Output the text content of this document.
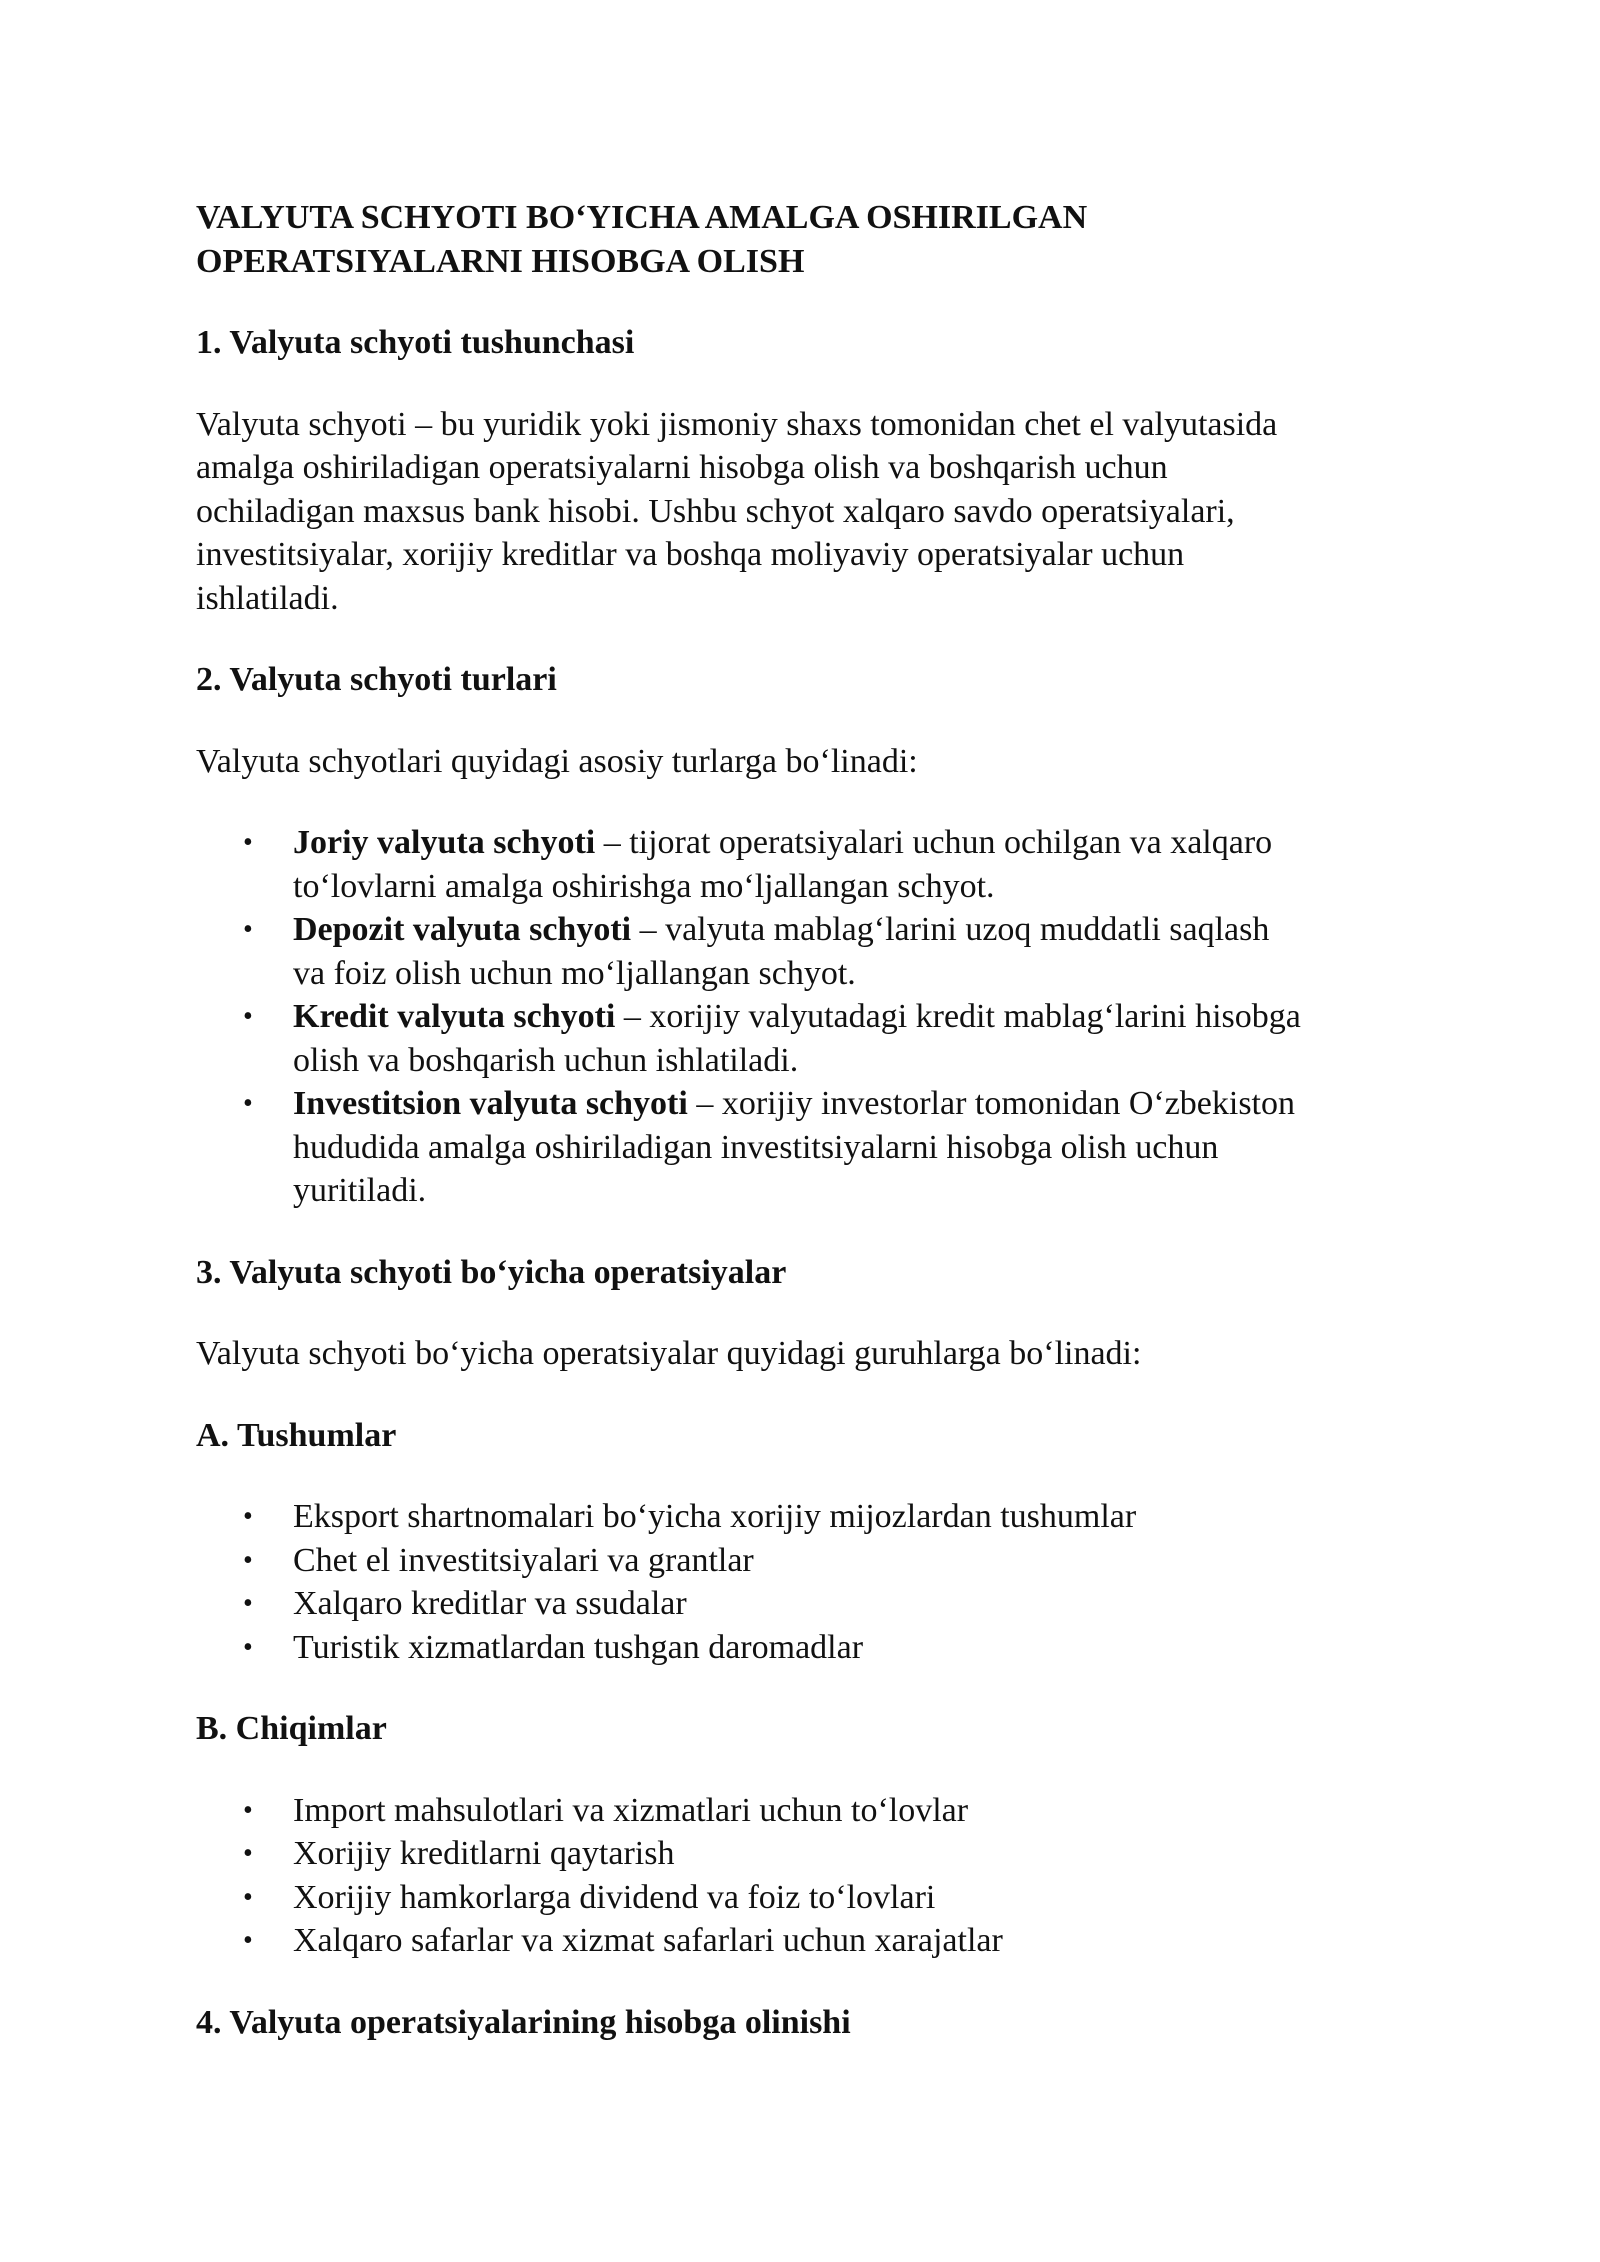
VALYUTA SCHYOTI BO‘YICHA AMALGA OSHIRILGAN
OPERATSIYALARNI HISOBGA OLISH
1. Valyuta schyoti tushunchasi
Valyuta schyoti – bu yuridik yoki jismoniy shaxs tomonidan chet el valyutasida
amalga oshiriladigan operatsiyalarni hisobga olish va boshqarish uchun
ochiladigan maxsus bank hisobi. Ushbu schyot xalqaro savdo operatsiyalari,
investitsiyalar, xorijiy kreditlar va boshqa moliyaviy operatsiyalar uchun
ishlatiladi.
2. Valyuta schyoti turlari
Valyuta schyotlari quyidagi asosiy turlarga bo‘linadi:
• Joriy valyuta schyoti – tijorat operatsiyalari uchun ochilgan va xalqaro
to‘lovlarni amalga oshirishga mo‘ljallangan schyot.
• Depozit valyuta schyoti – valyuta mablag‘larini uzoq muddatli saqlash
va foiz olish uchun mo‘ljallangan schyot.
• Kredit valyuta schyoti – xorijiy valyutadagi kredit mablag‘larini hisobga
olish va boshqarish uchun ishlatiladi.
• Investitsion valyuta schyoti – xorijiy investorlar tomonidan O‘zbekiston
hududida amalga oshiriladigan investitsiyalarni hisobga olish uchun
yuritiladi.
3. Valyuta schyoti bo‘yicha operatsiyalar
Valyuta schyoti bo‘yicha operatsiyalar quyidagi guruhlarga bo‘linadi:
A. Tushumlar
• Eksport shartnomalari bo‘yicha xorijiy mijozlardan tushumlar
• Chet el investitsiyalari va grantlar
• Xalqaro kreditlar va ssudalar
• Turistik xizmatlardan tushgan daromadlar
B. Chiqimlar
• Import mahsulotlari va xizmatlari uchun to‘lovlar
• Xorijiy kreditlarni qaytarish
• Xorijiy hamkorlarga dividend va foiz to‘lovlari
• Xalqaro safarlar va xizmat safarlari uchun xarajatlar
4. Valyuta operatsiyalarining hisobga olinishi
